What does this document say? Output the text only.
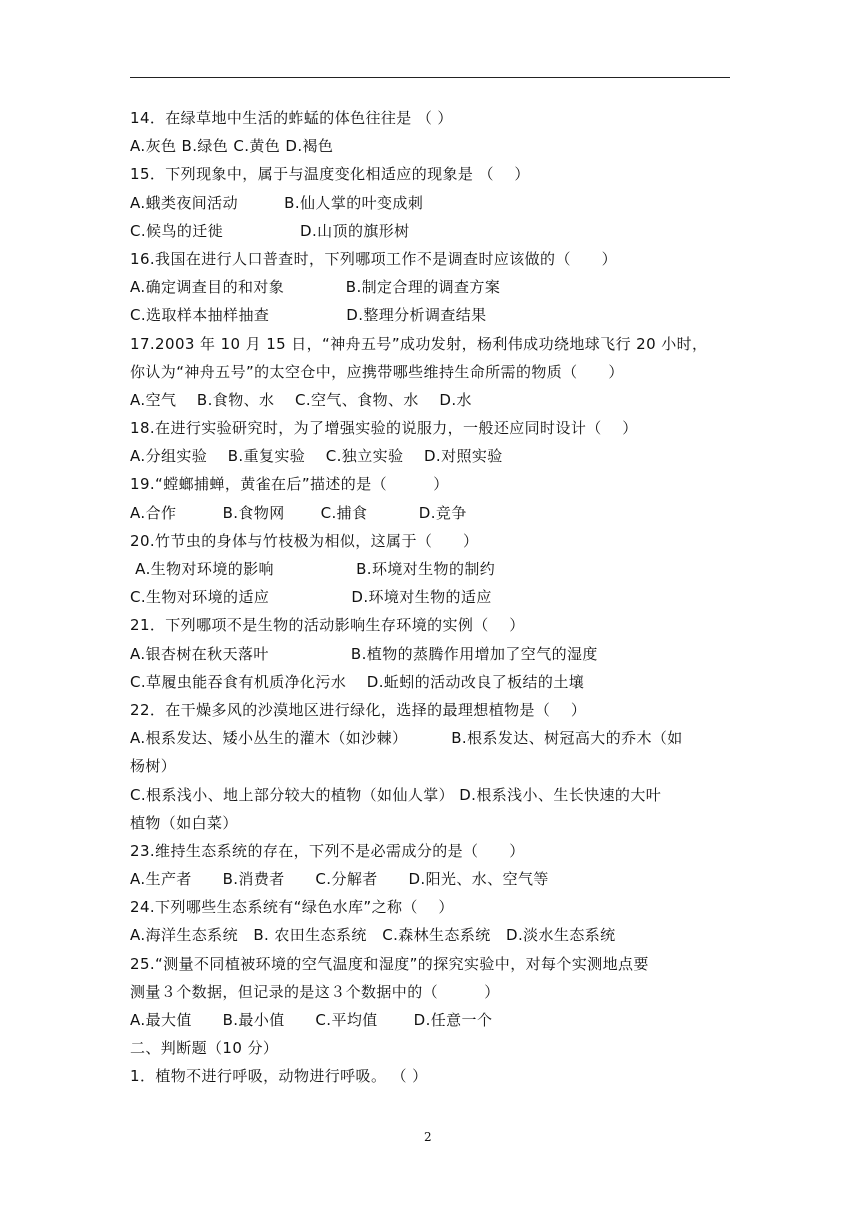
14．在绿草地中生活的蚱蜢的体色往往是 （ ）
A.灰色 B.绿色 C.黄色 D.褐色
15．下列现象中，属于与温度变化相适应的现象是 （　 ）
A.蛾类夜间活动　　　B.仙人掌的叶变成刺
C.候鸟的迁徙　　　　　D.山顶的旗形树
16.我国在进行人口普查时，下列哪项工作不是调查时应该做的（　　）
A.确定调查目的和对象　　　　B.制定合理的调查方案
C.选取样本抽样抽查　　　　　D.整理分析调查结果
17.2003 年 10 月 15 日，“神舟五号”成功发射，杨利伟成功绕地球飞行 20 小时，
你认为“神舟五号”的太空仓中，应携带哪些维持生命所需的物质（　　）
A.空气　 B.食物、水　 C.空气、食物、水　 D.水
18.在进行实验研究时，为了增强实验的说服力，一般还应同时设计（　 ）
A.分组实验　 B.重复实验　 C.独立实验　 D.对照实验
19.“螳螂捕蝉，黄雀在后”描述的是（　　　）
A.合作　　　B.食物网　　 C.捕食　　　 D.竞争
20.竹节虫的身体与竹枝极为相似，这属于（　　）
A.生物对环境的影响　　　　　 B.环境对生物的制约
C.生物对环境的适应　　　　　 D.环境对生物的适应
21．下列哪项不是生物的活动影响生存环境的实例（　 ）
A.银杏树在秋天落叶　　　　　 B.植物的蒸腾作用增加了空气的湿度
C.草履虫能吞食有机质净化污水　 D.蚯蚓的活动改良了板结的土壤
22．在干燥多风的沙漠地区进行绿化，选择的最理想植物是（　 ）
A.根系发达、矮小丛生的灌木（如沙棘）　　　 B.根系发达、树冠高大的乔木（如
杨树）
C.根系浅小、地上部分较大的植物（如仙人掌） D.根系浅小、生长快速的大叶
植物（如白菜）
23.维持生态系统的存在，下列不是必需成分的是（　　）
A.生产者　　B.消费者　　C.分解者　　D.阳光、水、空气等
24.下列哪些生态系统有“绿色水库”之称（　 ）
A.海洋生态系统　B. 农田生态系统　C.森林生态系统　D.淡水生态系统
25.“测量不同植被环境的空气温度和湿度”的探究实验中，对每个实测地点要
测量３个数据，但记录的是这３个数据中的（　　　）
A.最大值　　B.最小值　　C.平均值　　 D.任意一个
二、判断题（10 分）
1．植物不进行呼吸，动物进行呼吸。 （ ）
2
